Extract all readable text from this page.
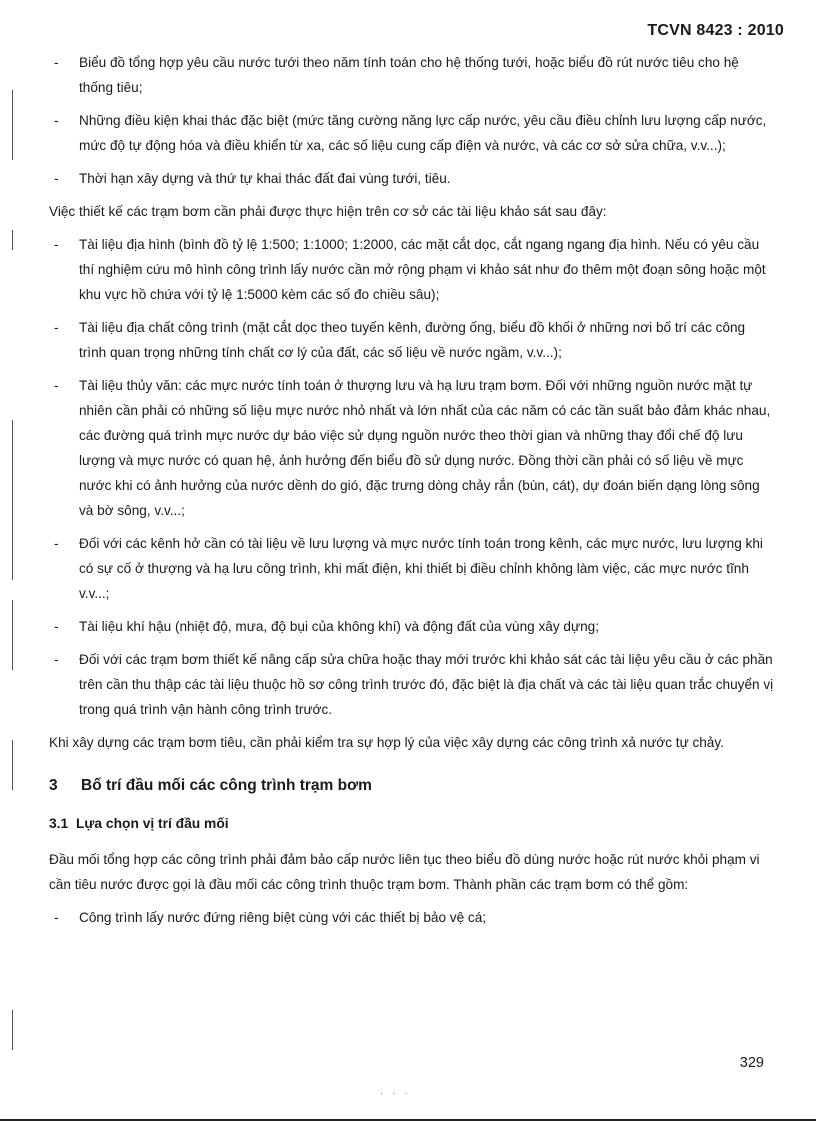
TCVN 8423 : 2010
- Biểu đồ tổng hợp yêu cầu nước tưới theo năm tính toán cho hệ thống tưới, hoặc biểu đồ rút nước tiêu cho hệ thống tiêu;
- Những điều kiện khai thác đặc biệt (mức tăng cường năng lực cấp nước, yêu cầu điều chỉnh lưu lượng cấp nước, mức độ tự động hóa và điều khiển từ xa, các số liệu cung cấp điện và nước, và các cơ sở sửa chữa, v.v...);
- Thời hạn xây dựng và thứ tự khai thác đất đai vùng tưới, tiêu.
Việc thiết kế các trạm bơm cần phải được thực hiện trên cơ sở các tài liệu khảo sát sau đây:
- Tài liệu địa hình (bình đồ tỷ lệ 1:500; 1:1000; 1:2000, các mặt cắt dọc, cắt ngang ngang địa hình. Nếu có yêu cầu thí nghiệm cứu mô hình công trình lấy nước cần mở rộng phạm vi khảo sát như đo thêm một đoạn sông hoặc một khu vực hồ chứa với tỷ lệ 1:5000 kèm các số đo chiều sâu);
- Tài liệu địa chất công trình (mặt cắt dọc theo tuyến kênh, đường ống, biểu đồ khối ở những nơi bố trí các công trình quan trọng những tính chất cơ lý của đất, các số liệu về nước ngầm, v.v...);
- Tài liệu thủy văn: các mực nước tính toán ở thượng lưu và hạ lưu trạm bơm. Đối với những nguồn nước mặt tự nhiên cần phải có những số liệu mực nước nhỏ nhất và lớn nhất của các năm có các tần suất bảo đảm khác nhau, các đường quá trình mực nước dự báo việc sử dụng nguồn nước theo thời gian và những thay đổi chế độ lưu lượng và mực nước có quan hệ, ảnh hưởng đến biểu đồ sử dụng nước. Đồng thời cần phải có số liệu về mực nước khi có ảnh hưởng của nước dềnh do gió, đặc trưng dòng chảy rắn (bùn, cát), dự đoán biến dạng lòng sông và bờ sông, v.v...;
- Đối với các kênh hở cần có tài liệu về lưu lượng và mực nước tính toán trong kênh, các mực nước, lưu lượng khi có sự cố ở thượng và hạ lưu công trình, khi mất điện, khi thiết bị điều chỉnh không làm việc, các mực nước tĩnh v.v...;
- Tài liệu khí hậu (nhiệt độ, mưa, độ bụi của không khí) và động đất của vùng xây dựng;
- Đối với các trạm bơm thiết kế nâng cấp sửa chữa hoặc thay mới trước khi khảo sát các tài liệu yêu cầu ở các phần trên cần thu thập các tài liệu thuộc hồ sơ công trình trước đó, đặc biệt là địa chất và các tài liệu quan trắc chuyển vị trong quá trình vận hành công trình trước.
Khi xây dựng các trạm bơm tiêu, cần phải kiểm tra sự hợp lý của việc xây dựng các công trình xả nước tự chảy.
3 Bố trí đầu mối các công trình trạm bơm
3.1 Lựa chọn vị trí đầu mối
Đầu mối tổng hợp các công trình phải đảm bảo cấp nước liên tục theo biểu đồ dùng nước hoặc rút nước khỏi phạm vi cần tiêu nước được gọi là đầu mối các công trình thuộc trạm bơm. Thành phần các trạm bơm có thể gồm:
- Công trình lấy nước đứng riêng biệt cùng với các thiết bị bảo vệ cá;
329
· · ·
